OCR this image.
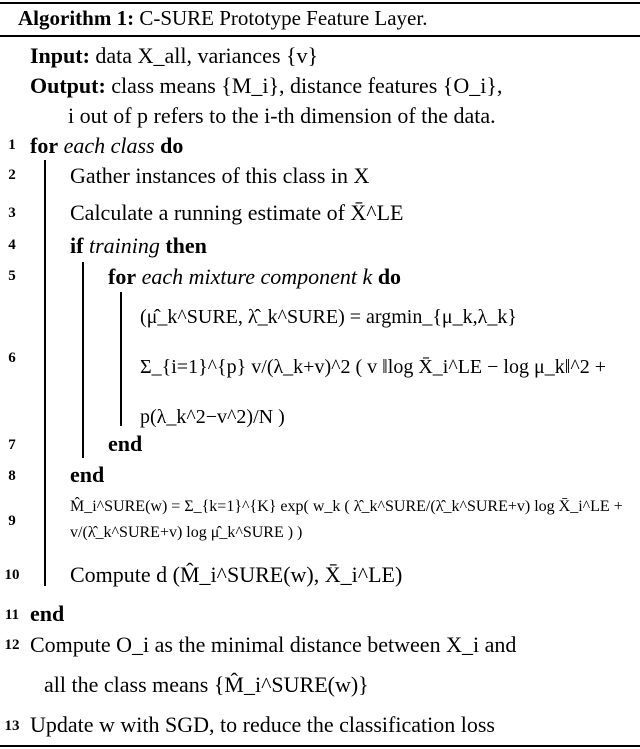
Algorithm 1: C-SURE Prototype Feature Layer.
Input: data X_all, variances {v}
Output: class means {M_i}, distance features {O_i},
i out of p refers to the i-th dimension of the data.
1 for each class do
2	Gather instances of this class in X
3	Calculate a running estimate of X̄^LE
4	if training then
5	for each mixture component k do
6
(μ̂_k^SURE, λ̂_k^SURE) = argmin_{μ_k,λ_k} Σ_{i=1}^{p} v/(λ_k+v)^2 ( v ‖log X̄_i^LE − log μ_k‖^2 + p(λ_k^2−v^2)/N )
7	end
8	end
9
M̂_i^SURE(w) = Σ_{k=1}^{K} exp( w_k ( λ̂_k^SURE/(λ̂_k^SURE+v) log X̄_i^LE + v/(λ̂_k^SURE+v) log μ̂_k^SURE ) )
10 Compute d (M̂_i^SURE(w), X̄_i^LE)
11 end
12 Compute O_i as the minimal distance between X_i and
all the class means {M̂_i^SURE(w)}
13 Update w with SGD, to reduce the classification loss
